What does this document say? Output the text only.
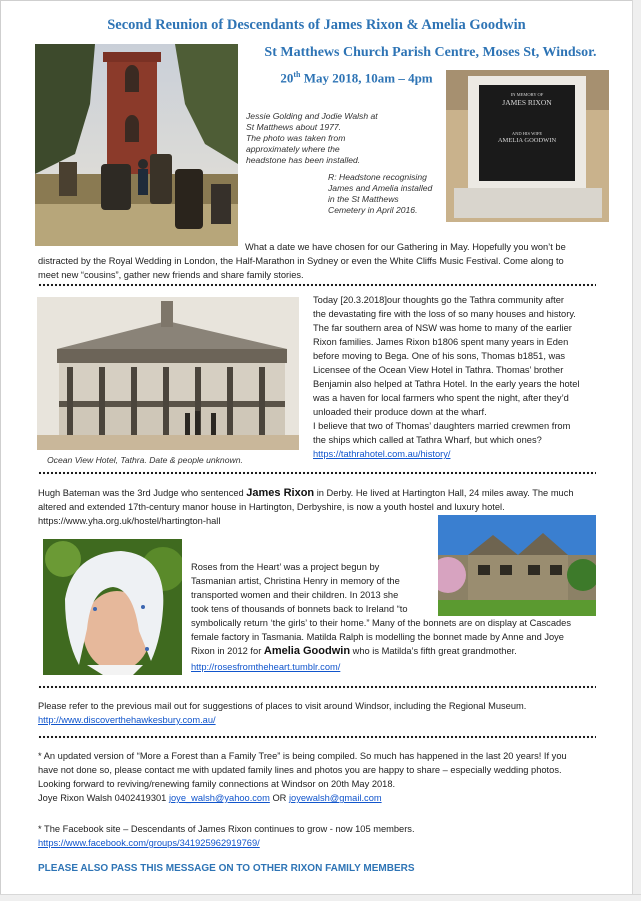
Second Reunion of Descendants of James Rixon & Amelia Goodwin
St Matthews Church Parish Centre, Moses St, Windsor.
20th May 2018, 10am – 4pm
Jessie Golding and Jodie Walsh at
St Matthews about 1977.
The photo was taken from
approximately where the
headstone has been installed.
IN MEMORY OF
JAMES RIXON
AND HIS WIFE
AMELIA GOODWIN
R: Headstone recognising
James and Amelia installed
in the St Matthews
Cemetery in April 2016.
What a date we have chosen for our Gathering in May. Hopefully you won’t be
distracted by the Royal Wedding in London, the Half-Marathon in Sydney or even the White Cliffs Music Festival. Come along to
meet new “cousins”, gather new friends and share family stories.
Ocean View Hotel, Tathra. Date & people unknown.
Today [20.3.2018]our thoughts go the Tathra community after
the devastating fire with the loss of so many houses and history.
The far southern area of NSW was home to many of the earlier
Rixon families. James Rixon b1806 spent many years in Eden
before moving to Bega. One of his sons, Thomas b1851, was
Licensee of the Ocean View Hotel in Tathra. Thomas’ brother
Benjamin also helped at Tathra Hotel. In the early years the hotel
was a haven for local farmers who spent the night, after they’d
unloaded their produce down at the wharf.
I believe that two of Thomas’ daughters married crewmen from
the ships which called at Tathra Wharf, but which ones?
https://tathrahotel.com.au/history/
Hugh Bateman was the 3rd Judge who sentenced James Rixon in Derby. He lived at Hartington Hall, 24 miles away. The much
altered and extended 17th-century manor house in Hartington, Derbyshire, is now a youth hostel and luxury hotel.
https://www.yha.org.uk/hostel/hartington-hall
Roses from the Heart’ was a project begun by
Tasmanian artist, Christina Henry in memory of the
transported women and their children. In 2013 she
took tens of thousands of bonnets back to Ireland “to
symbolically return ‘the girls’ to their home.” Many of the bonnets are on display at Cascades
female factory in Tasmania. Matilda Ralph is modelling the bonnet made by Anne and Joye
Rixon in 2012 for Amelia Goodwin who is Matilda’s fifth great grandmother.
http://rosesfromtheheart.tumblr.com/
Please refer to the previous mail out for suggestions of places to visit around Windsor, including the Regional Museum.
http://www.discoverthehawkesbury.com.au/
* An updated version of “More a Forest than a Family Tree” is being compiled. So much has happened in the last 20 years! If you
have not done so, please contact me with updated family lines and photos you are happy to share – especially wedding photos.
Looking forward to reviving/renewing family connections at Windsor on 20th May 2018.
Joye Rixon Walsh 0402419301 joye_walsh@yahoo.com OR joyewalsh@gmail.com
* The Facebook site – Descendants of James Rixon continues to grow - now 105 members.
https://www.facebook.com/groups/341925962919769/
PLEASE ALSO PASS THIS MESSAGE ON TO OTHER RIXON FAMILY MEMBERS
